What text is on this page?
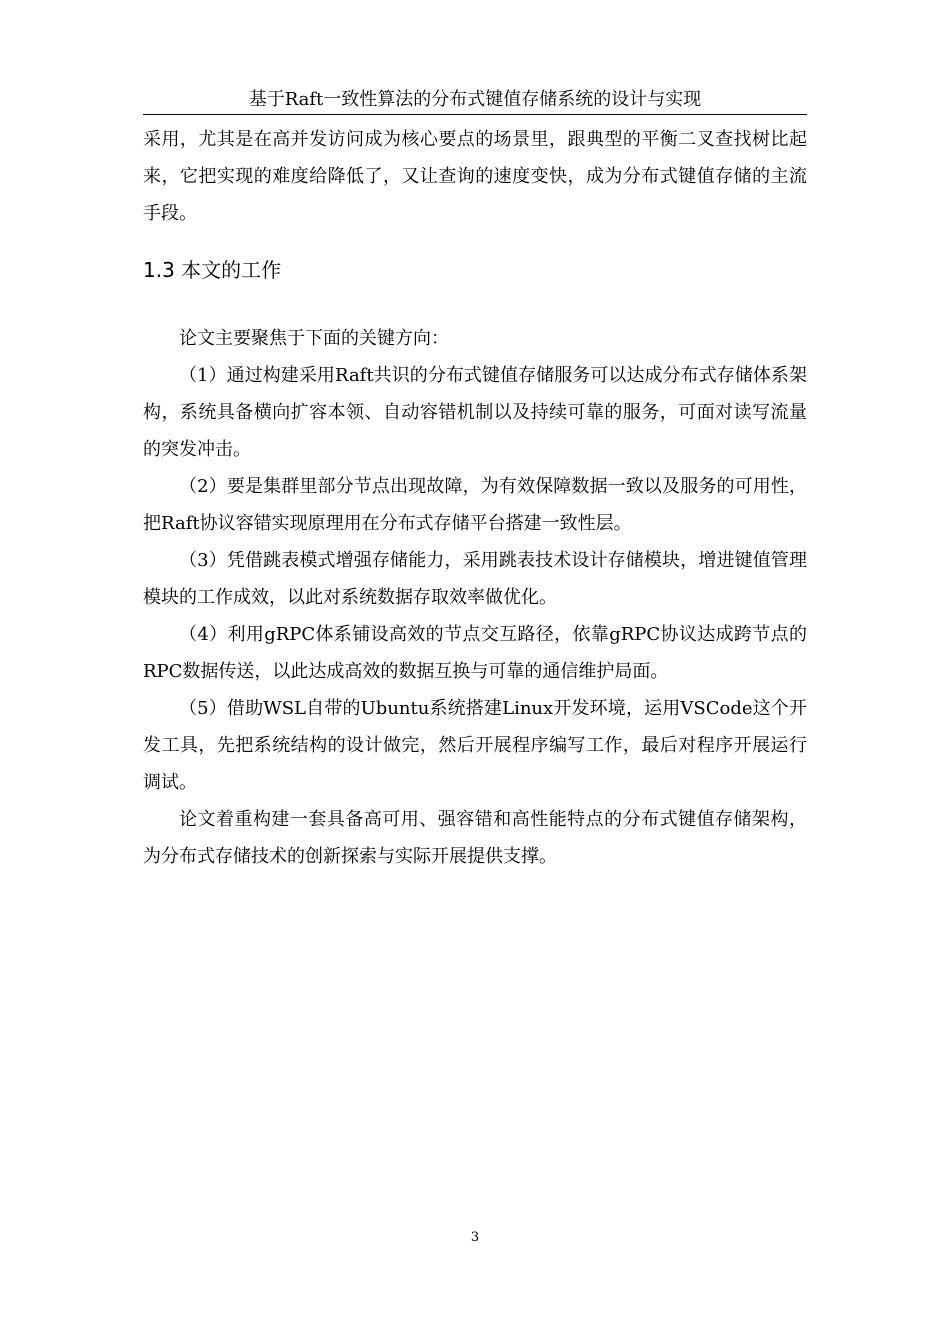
基于Raft一致性算法的分布式键值存储系统的设计与实现

采用，尤其是在高并发访问成为核心要点的场景里，跟典型的平衡二叉查找树比起来，它把实现的难度给降低了，又让查询的速度变快，成为分布式键值存储的主流手段。

1.3 本文的工作

论文主要聚焦于下面的关键方向：

（1）通过构建采用Raft共识的分布式键值存储服务可以达成分布式存储体系架构，系统具备横向扩容本领、自动容错机制以及持续可靠的服务，可面对读写流量的突发冲击。

（2）要是集群里部分节点出现故障，为有效保障数据一致以及服务的可用性，把Raft协议容错实现原理用在分布式存储平台搭建一致性层。

（3）凭借跳表模式增强存储能力，采用跳表技术设计存储模块，增进键值管理模块的工作成效，以此对系统数据存取效率做优化。

（4）利用gRPC体系铺设高效的节点交互路径，依靠gRPC协议达成跨节点的RPC数据传送，以此达成高效的数据互换与可靠的通信维护局面。

（5）借助WSL自带的Ubuntu系统搭建Linux开发环境，运用VSCode这个开发工具，先把系统结构的设计做完，然后开展程序编写工作，最后对程序开展运行调试。

论文着重构建一套具备高可用、强容错和高性能特点的分布式键值存储架构，为分布式存储技术的创新探索与实际开展提供支撑。

3
